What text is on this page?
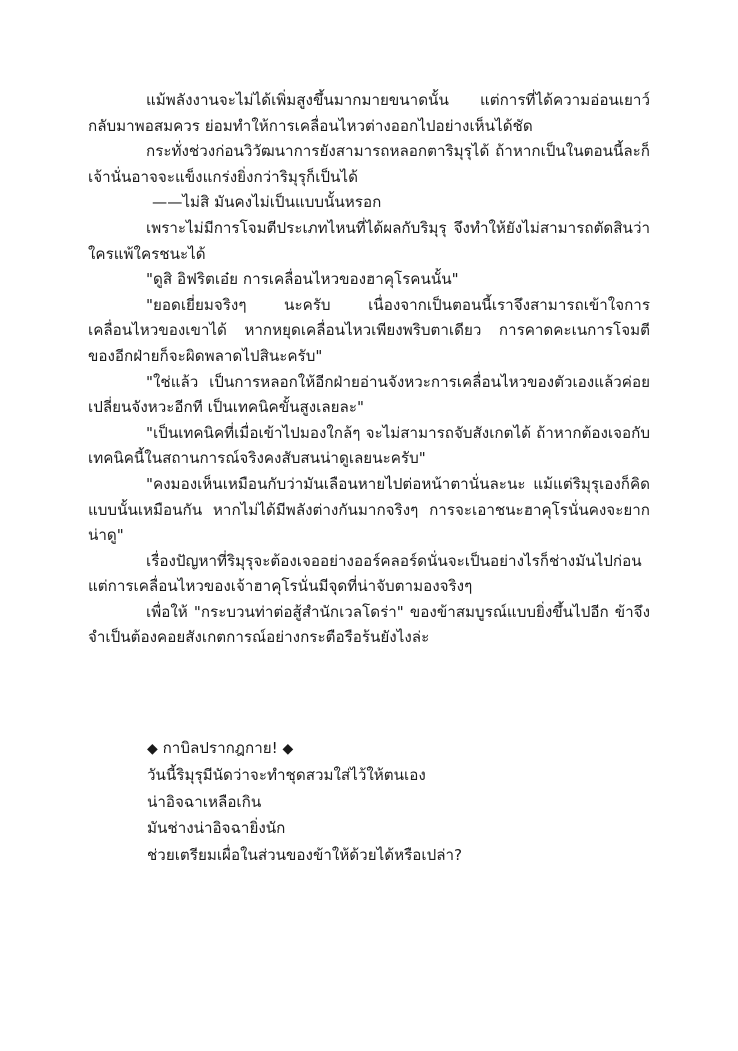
แม้พลังงานจะไม่ได้เพิ่มสูงขึ้นมากมายขนาดนั้น แต่การที่ได้ความอ่อนเยาว์กลับมาพอสมควร ย่อมทำให้การเคลื่อนไหวต่างออกไปอย่างเห็นได้ชัด

กระทั่งช่วงก่อนวิวัฒนาการยังสามารถหลอกตาริมุรุได้ ถ้าหากเป็นในตอนนี้ละก็เจ้านั่นอาจจะแข็งแกร่งยิ่งกว่าริมุรุก็เป็นได้

——ไม่สิ มันคงไม่เป็นแบบนั้นหรอก

เพราะไม่มีการโจมตีประเภทไหนที่ได้ผลกับริมุรุ จึงทำให้ยังไม่สามารถตัดสินว่าใครแพ้ใครชนะได้

"ดูสิ อิฟริตเอ๋ย การเคลื่อนไหวของฮาคุโรคนนั้น"

"ยอดเยี่ยมจริงๆ นะครับ เนื่องจากเป็นตอนนี้เราจึงสามารถเข้าใจการเคลื่อนไหวของเขาได้ หากหยุดเคลื่อนไหวเพียงพริบตาเดียว การคาดคะเนการโจมตีของอีกฝ่ายก็จะผิดพลาดไปสินะครับ"

"ใช่แล้ว เป็นการหลอกให้อีกฝ่ายอ่านจังหวะการเคลื่อนไหวของตัวเองแล้วค่อยเปลี่ยนจังหวะอีกที เป็นเทคนิคขั้นสูงเลยละ"

"เป็นเทคนิคที่เมื่อเข้าไปมองใกล้ๆ จะไม่สามารถจับสังเกตได้ ถ้าหากต้องเจอกับเทคนิคนี้ในสถานการณ์จริงคงสับสนน่าดูเลยนะครับ"

"คงมองเห็นเหมือนกับว่ามันเลือนหายไปต่อหน้าตานั่นละนะ แม้แต่ริมุรุเองก็คิดแบบนั้นเหมือนกัน หากไม่ได้มีพลังต่างกันมากจริงๆ การจะเอาชนะฮาคุโรนั่นคงจะยากน่าดู"

เรื่องปัญหาที่ริมุรุจะต้องเจออย่างออร์คลอร์ดนั่นจะเป็นอย่างไรก็ช่างมันไปก่อน แต่การเคลื่อนไหวของเจ้าฮาคุโรนั่นมีจุดที่น่าจับตามองจริงๆ

เพื่อให้ "กระบวนท่าต่อสู้สำนักเวลโดร่า" ของข้าสมบูรณ์แบบยิ่งขึ้นไปอีก ข้าจึงจำเป็นต้องคอยสังเกตการณ์อย่างกระตือรือร้นยังไงล่ะ

◆ กาบิลปรากฎกาย! ◆

วันนี้ริมุรุมีนัดว่าจะทำชุดสวมใส่ไว้ให้ตนเอง

น่าอิจฉาเหลือเกิน

มันช่างน่าอิจฉายิ่งนัก

ช่วยเตรียมเผื่อในส่วนของข้าให้ด้วยได้หรือเปล่า?
